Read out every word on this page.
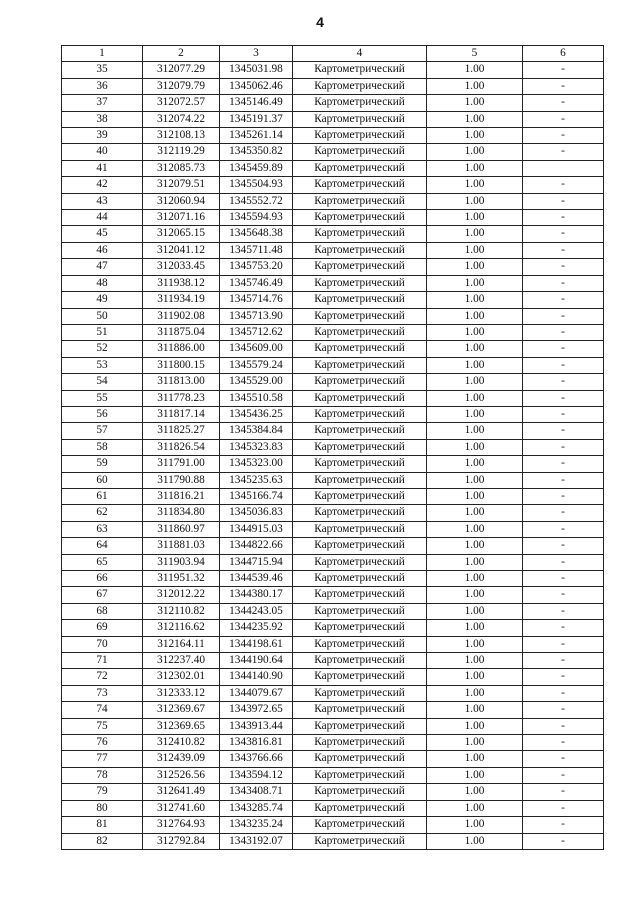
4
1	2	3	4	5	6
35	312077.29	1345031.98	Картометрический	1.00	-
36	312079.79	1345062.46	Картометрический	1.00	-
37	312072.57	1345146.49	Картометрический	1.00	-
38	312074.22	1345191.37	Картометрический	1.00	-
39	312108.13	1345261.14	Картометрический	1.00	-
40	312119.29	1345350.82	Картометрический	1.00	-
41	312085.73	1345459.89	Картометрический	1.00	
42	312079.51	1345504.93	Картометрический	1.00	-
43	312060.94	1345552.72	Картометрический	1.00	-
44	312071.16	1345594.93	Картометрический	1.00	-
45	312065.15	1345648.38	Картометрический	1.00	-
46	312041.12	1345711.48	Картометрический	1.00	-
47	312033.45	1345753.20	Картометрический	1.00	-
48	311938.12	1345746.49	Картометрический	1.00	-
49	311934.19	1345714.76	Картометрический	1.00	-
50	311902.08	1345713.90	Картометрический	1.00	-
51	311875.04	1345712.62	Картометрический	1.00	-
52	311886.00	1345609.00	Картометрический	1.00	-
53	311800.15	1345579.24	Картометрический	1.00	-
54	311813.00	1345529.00	Картометрический	1.00	-
55	311778.23	1345510.58	Картометрический	1.00	-
56	311817.14	1345436.25	Картометрический	1.00	-
57	311825.27	1345384.84	Картометрический	1.00	-
58	311826.54	1345323.83	Картометрический	1.00	-
59	311791.00	1345323.00	Картометрический	1.00	-
60	311790.88	1345235.63	Картометрический	1.00	-
61	311816.21	1345166.74	Картометрический	1.00	-
62	311834.80	1345036.83	Картометрический	1.00	-
63	311860.97	1344915.03	Картометрический	1.00	-
64	311881.03	1344822.66	Картометрический	1.00	-
65	311903.94	1344715.94	Картометрический	1.00	-
66	311951.32	1344539.46	Картометрический	1.00	-
67	312012.22	1344380.17	Картометрический	1.00	-
68	312110.82	1344243.05	Картометрический	1.00	-
69	312116.62	1344235.92	Картометрический	1.00	-
70	312164.11	1344198.61	Картометрический	1.00	-
71	312237.40	1344190.64	Картометрический	1.00	-
72	312302.01	1344140.90	Картометрический	1.00	-
73	312333.12	1344079.67	Картометрический	1.00	-
74	312369.67	1343972.65	Картометрический	1.00	-
75	312369.65	1343913.44	Картометрический	1.00	-
76	312410.82	1343816.81	Картометрический	1.00	-
77	312439.09	1343766.66	Картометрический	1.00	-
78	312526.56	1343594.12	Картометрический	1.00	-
79	312641.49	1343408.71	Картометрический	1.00	-
80	312741.60	1343285.74	Картометрический	1.00	-
81	312764.93	1343235.24	Картометрический	1.00	-
82	312792.84	1343192.07	Картометрический	1.00	-
